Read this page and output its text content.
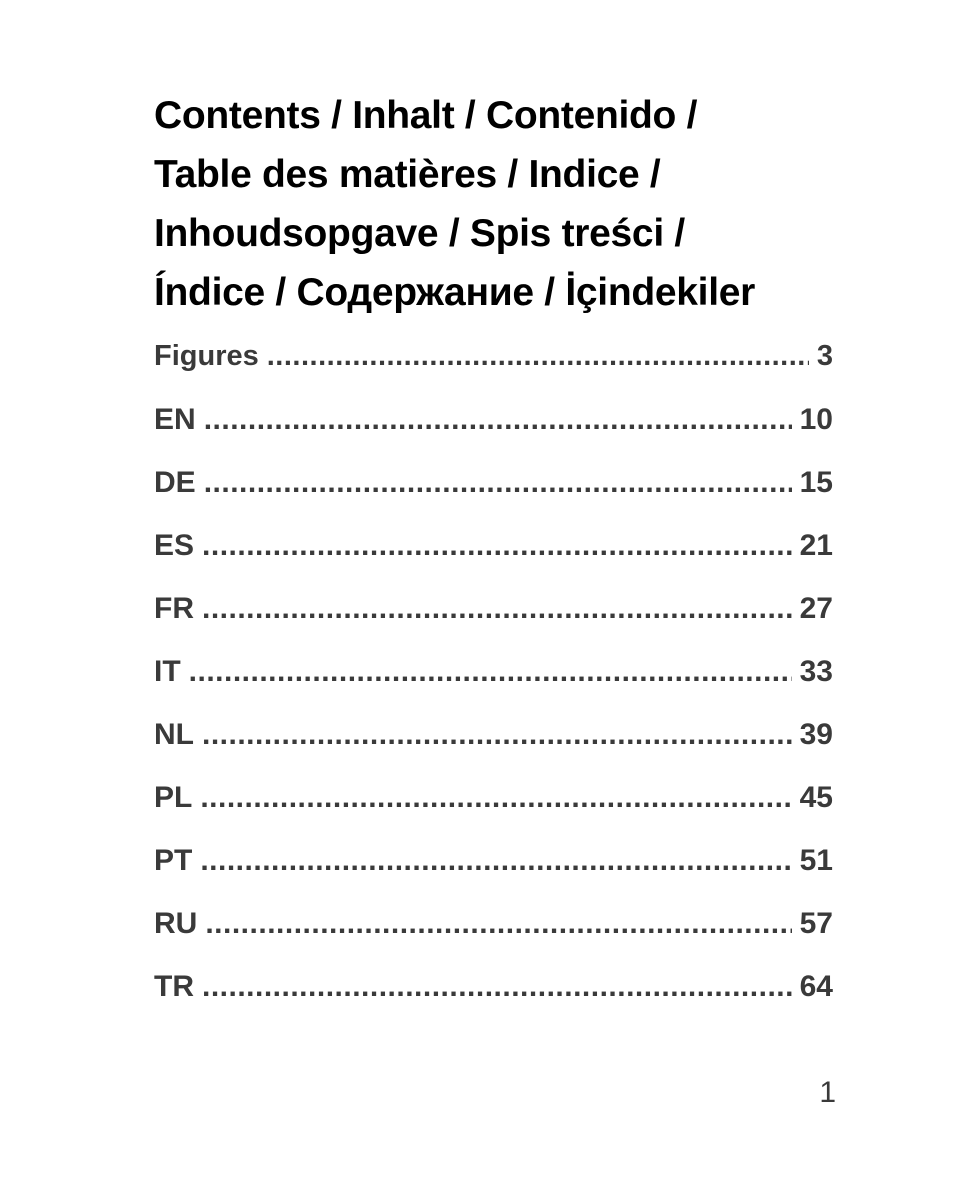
Contents / Inhalt / Contenido /
Table des matières / Indice /
Inhoudsopgave / Spis treści /
Índice / Содержание / İçindekiler
Figures .....	3
EN .....	10
DE .....	15
ES .....	21
FR .....	27
IT .....	33
NL .....	39
PL .....	45
PT .....	51
RU .....	57
TR .....	64
1
